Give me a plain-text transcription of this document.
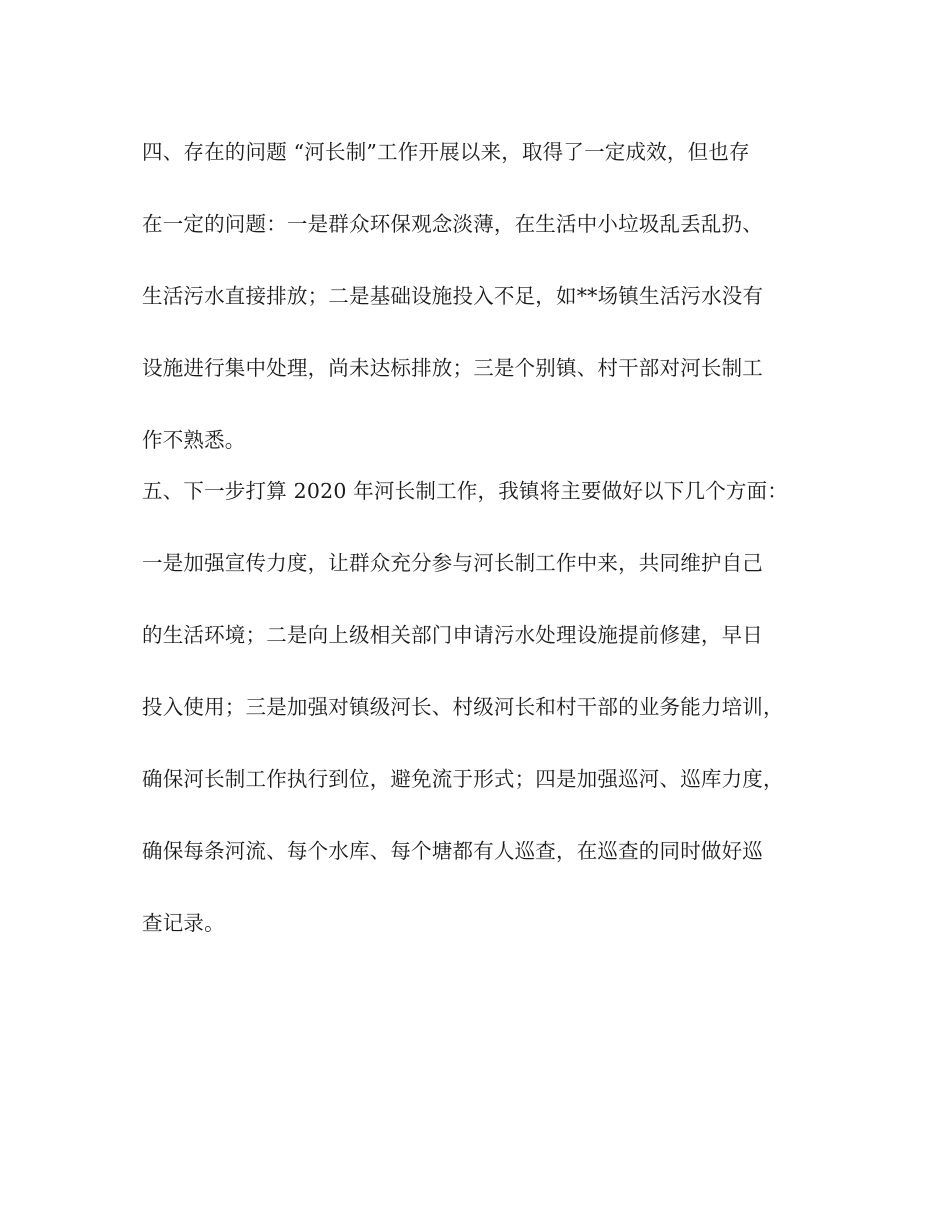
四、存在的问题 “河长制”工作开展以来，取得了一定成效，但也存
在一定的问题：一是群众环保观念淡薄，在生活中小垃圾乱丢乱扔、
生活污水直接排放；二是基础设施投入不足，如**场镇生活污水没有
设施进行集中处理，尚未达标排放；三是个别镇、村干部对河长制工
作不熟悉。

五、下一步打算 2020 年河长制工作，我镇将主要做好以下几个方面：
一是加强宣传力度，让群众充分参与河长制工作中来，共同维护自己
的生活环境；二是向上级相关部门申请污水处理设施提前修建，早日
投入使用；三是加强对镇级河长、村级河长和村干部的业务能力培训，
确保河长制工作执行到位，避免流于形式；四是加强巡河、巡库力度，
确保每条河流、每个水库、每个塘都有人巡查，在巡查的同时做好巡
查记录。
